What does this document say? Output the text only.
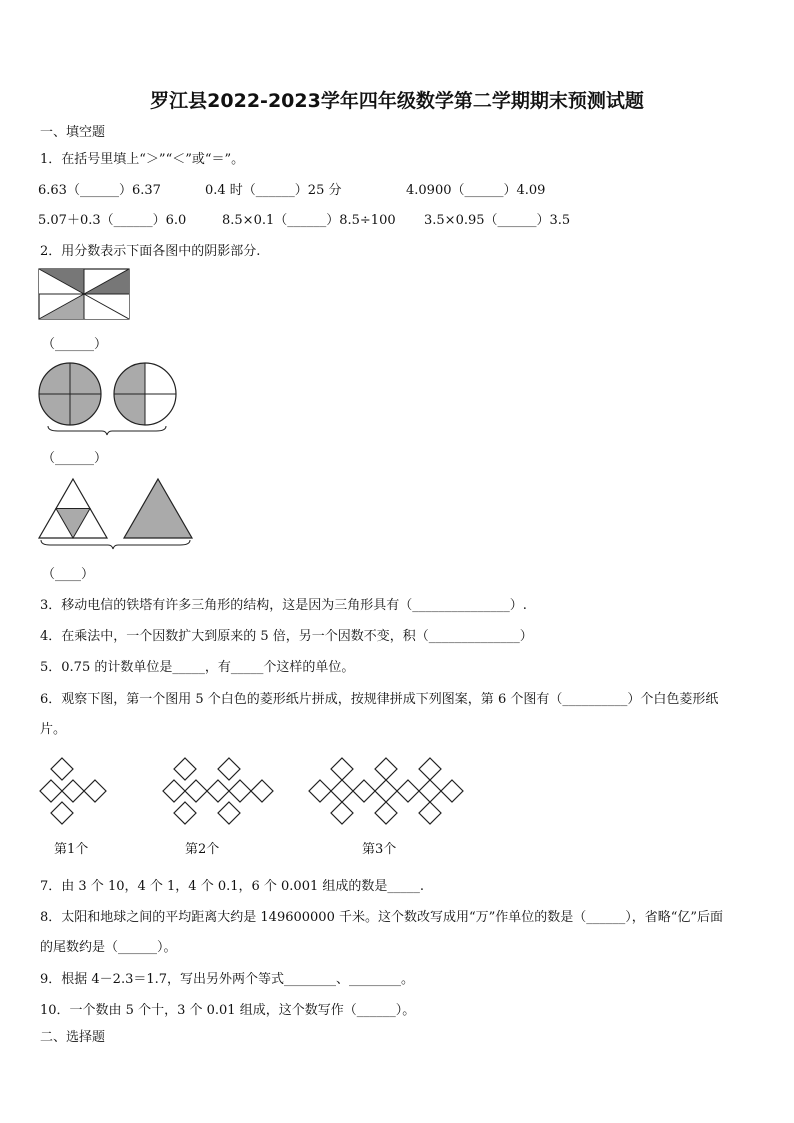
罗江县2022-2023学年四年级数学第二学期期末预测试题
一、填空题
1．在括号里填上“＞”“＜”或“＝”。
6.63（______）6.37	0.4 时（______）25 分	4.0900（______）4.09
5.07＋0.3（______）6.0	8.5×0.1（______）8.5÷100 3.5×0.95（______）3.5
2．用分数表示下面各图中的阴影部分.
（______）
（______）
（____）
3．移动电信的铁塔有许多三角形的结构，这是因为三角形具有（_______________）.
4．在乘法中，一个因数扩大到原来的 5 倍，另一个因数不变，积（______________）
5．0.75 的计数单位是_____，有_____个这样的单位。
6．观察下图，第一个图用 5 个白色的菱形纸片拼成，按规律拼成下列图案，第 6 个图有（__________）个白色菱形纸
片。
第1个	第2个	第3个
7．由 3 个 10，4 个 1，4 个 0.1，6 个 0.001 组成的数是_____.
8．太阳和地球之间的平均距离大约是 149600000 千米。这个数改写成用“万”作单位的数是（______），省略“亿”后面
的尾数约是（______）。
9．根据 4－2.3＝1.7，写出另外两个等式________、________。
10．一个数由 5 个十，3 个 0.01 组成，这个数写作（______）。
二、选择题
